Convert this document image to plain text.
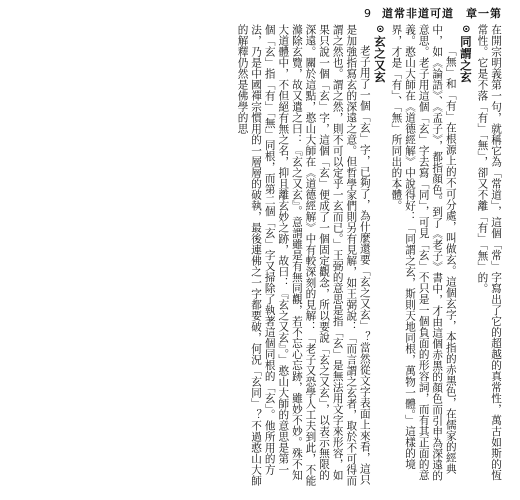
9 道常非道可道　章一第

在開宗明義第一句，就稱它為「常道」，這個「常」字寫出了它的超越的真常性，萬古如斯的恆常性。它是不落「有」「無」，卻又不離「有」「無」的。

⊙同謂之玄

「無」和「有」在根源上的不可分處，叫做玄。這個玄字，本指的赤黑色，在儒家的經典中，如《論語》、《孟子》，都指顏色。到了《老子》書中，才由這個赤黑的顏色而引申為深遠的意思。老子用這個「玄」字去寫「同」，可見「玄」不只是一個負面的形容詞，而有其正面的意義。憨山大師在《道德經解》中說得好：「同謂之玄，斯則天地同根，萬物一體。」這樣的境界，才是「有」、「無」所同出的本體。

⊙玄之又玄

老子用了一個「玄」字，已夠了，為什麼還要「玄之又玄」？當然從文字表面上來看，這只是加強指寫玄的深遠之意。但哲學家們則另有見解，如王弼說：「而言謂之玄者，取於不可得而謂之然也。謂之然，則不可以定乎一玄而已。」王弼的意思是指「玄」是無法用文字來形容，如果只說一個「玄」字，這個「玄」便成了一個固定觀念，所以要說「玄之又玄」，以表示無限的深遠。關於這點，憨山大師在《道德經解》中有較深刻的見解：「老子又恐學人工夫到此，不能滌除玄覽，故又遣之曰：『玄之又玄』。意謂雖是有無同觀，若不忘心忘跡，雖妙不妙。殊不知大道體中，不但絕有無之名，抑且離玄妙之跡，故曰：『玄之又玄』。」憨山大師的意思是第一個「玄」指「有」「無」同根，而第二個「玄」字又掃除了執著這個同根的「玄」。他所用的方法，乃是中國禪宗慣用的一層層的破執，最後連佛之一字都要破，何況「玄同」？不過憨山大師的解釋仍然是佛學的思
